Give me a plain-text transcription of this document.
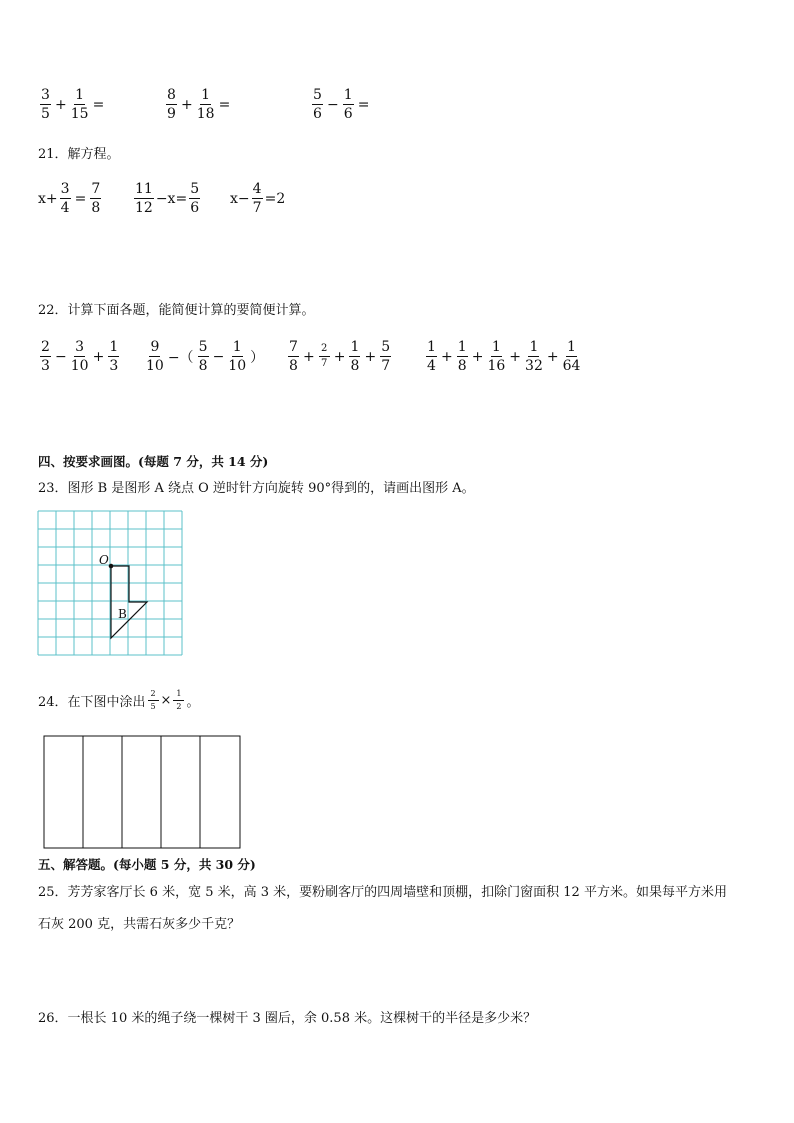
$\frac{3}{5} + \frac{1}{15}$ =	$\frac{8}{9} + \frac{1}{18}$ =	$\frac{5}{6} - \frac{1}{6}$ =
21．解方程。
$x+ \frac{3}{4} = \frac{7}{8} \frac{11}{12} -x= \frac{5}{6} x- \frac{4}{7} =2$
22．计算下面各题，能简便计算的要简便计算。
$\frac{2}{3} - \frac{3}{10} + \frac{1}{3} \frac{9}{10}$ −（ $\frac{5}{8} - \frac{1}{10}$ ） $\frac{7}{8} + \frac{2}{7} + \frac{1}{8} + \frac{5}{7} \frac{1}{4} + \frac{1}{8} + \frac{1}{16} + \frac{1}{32} + \frac{1}{64}$
四、按要求画图。(每题 7 分，共 14 分)
23．图形 B 是图形 A 绕点 O 逆时针方向旋转 90°得到的，请画出图形 A。
O
B
24．在下图中涂出 $\frac{2}{5} \times \frac{1}{2}$ 。
五、解答题。(每小题 5 分，共 30 分)
25．芳芳家客厅长 6 米，宽 5 米，高 3 米，要粉刷客厅的四周墙壁和顶棚，扣除门窗面积 12 平方米。如果每平方米用
石灰 200 克，共需石灰多少千克？
26．一根长 10 米的绳子绕一棵树干 3 圈后，余 0.58 米。这棵树干的半径是多少米？
